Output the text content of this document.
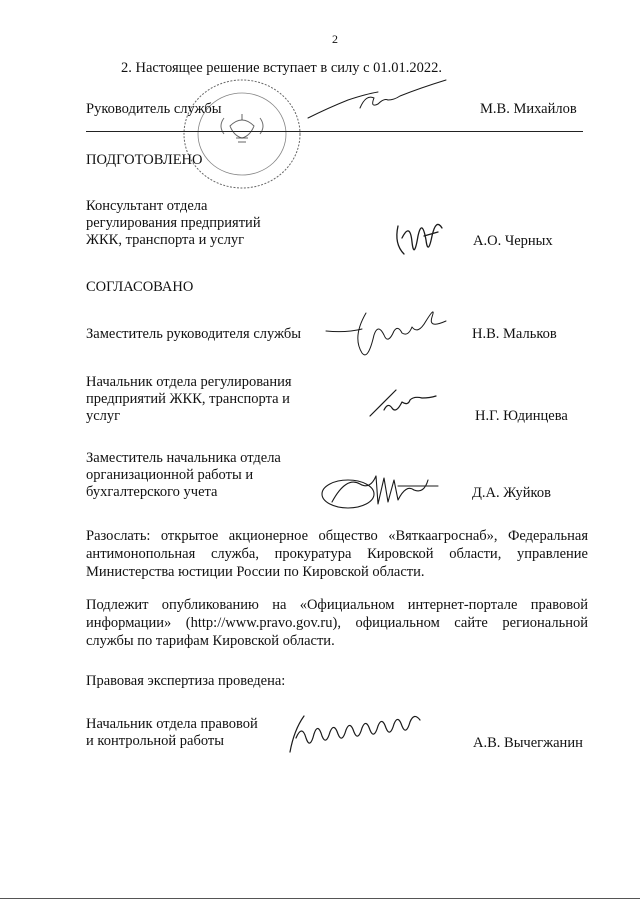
2
2. Настоящее решение вступает в силу с 01.01.2022.
Руководитель службы	М.В. Михайлов
ПОДГОТОВЛЕНО
Консультант отдела
регулирования предприятий
ЖКК, транспорта и услуг	А.О. Черных
СОГЛАСОВАНО
Заместитель руководителя службы	Н.В. Мальков
Начальник отдела регулирования
предприятий ЖКК, транспорта и
услуг	Н.Г. Юдинцева
Заместитель начальника отдела
организационной работы и
бухгалтерского учета	Д.А. Жуйков
Разослать: открытое акционерное общество «Вяткаагроснаб», Федеральная антимонопольная служба, прокуратура Кировской области, управление Министерства юстиции России по Кировской области.
Подлежит опубликованию на «Официальном интернет-портале правовой информации» (http://www.pravo.gov.ru), официальном сайте региональной службы по тарифам Кировской области.
Правовая экспертиза проведена:
Начальник отдела правовой
и контрольной работы	А.В. Вычегжанин
